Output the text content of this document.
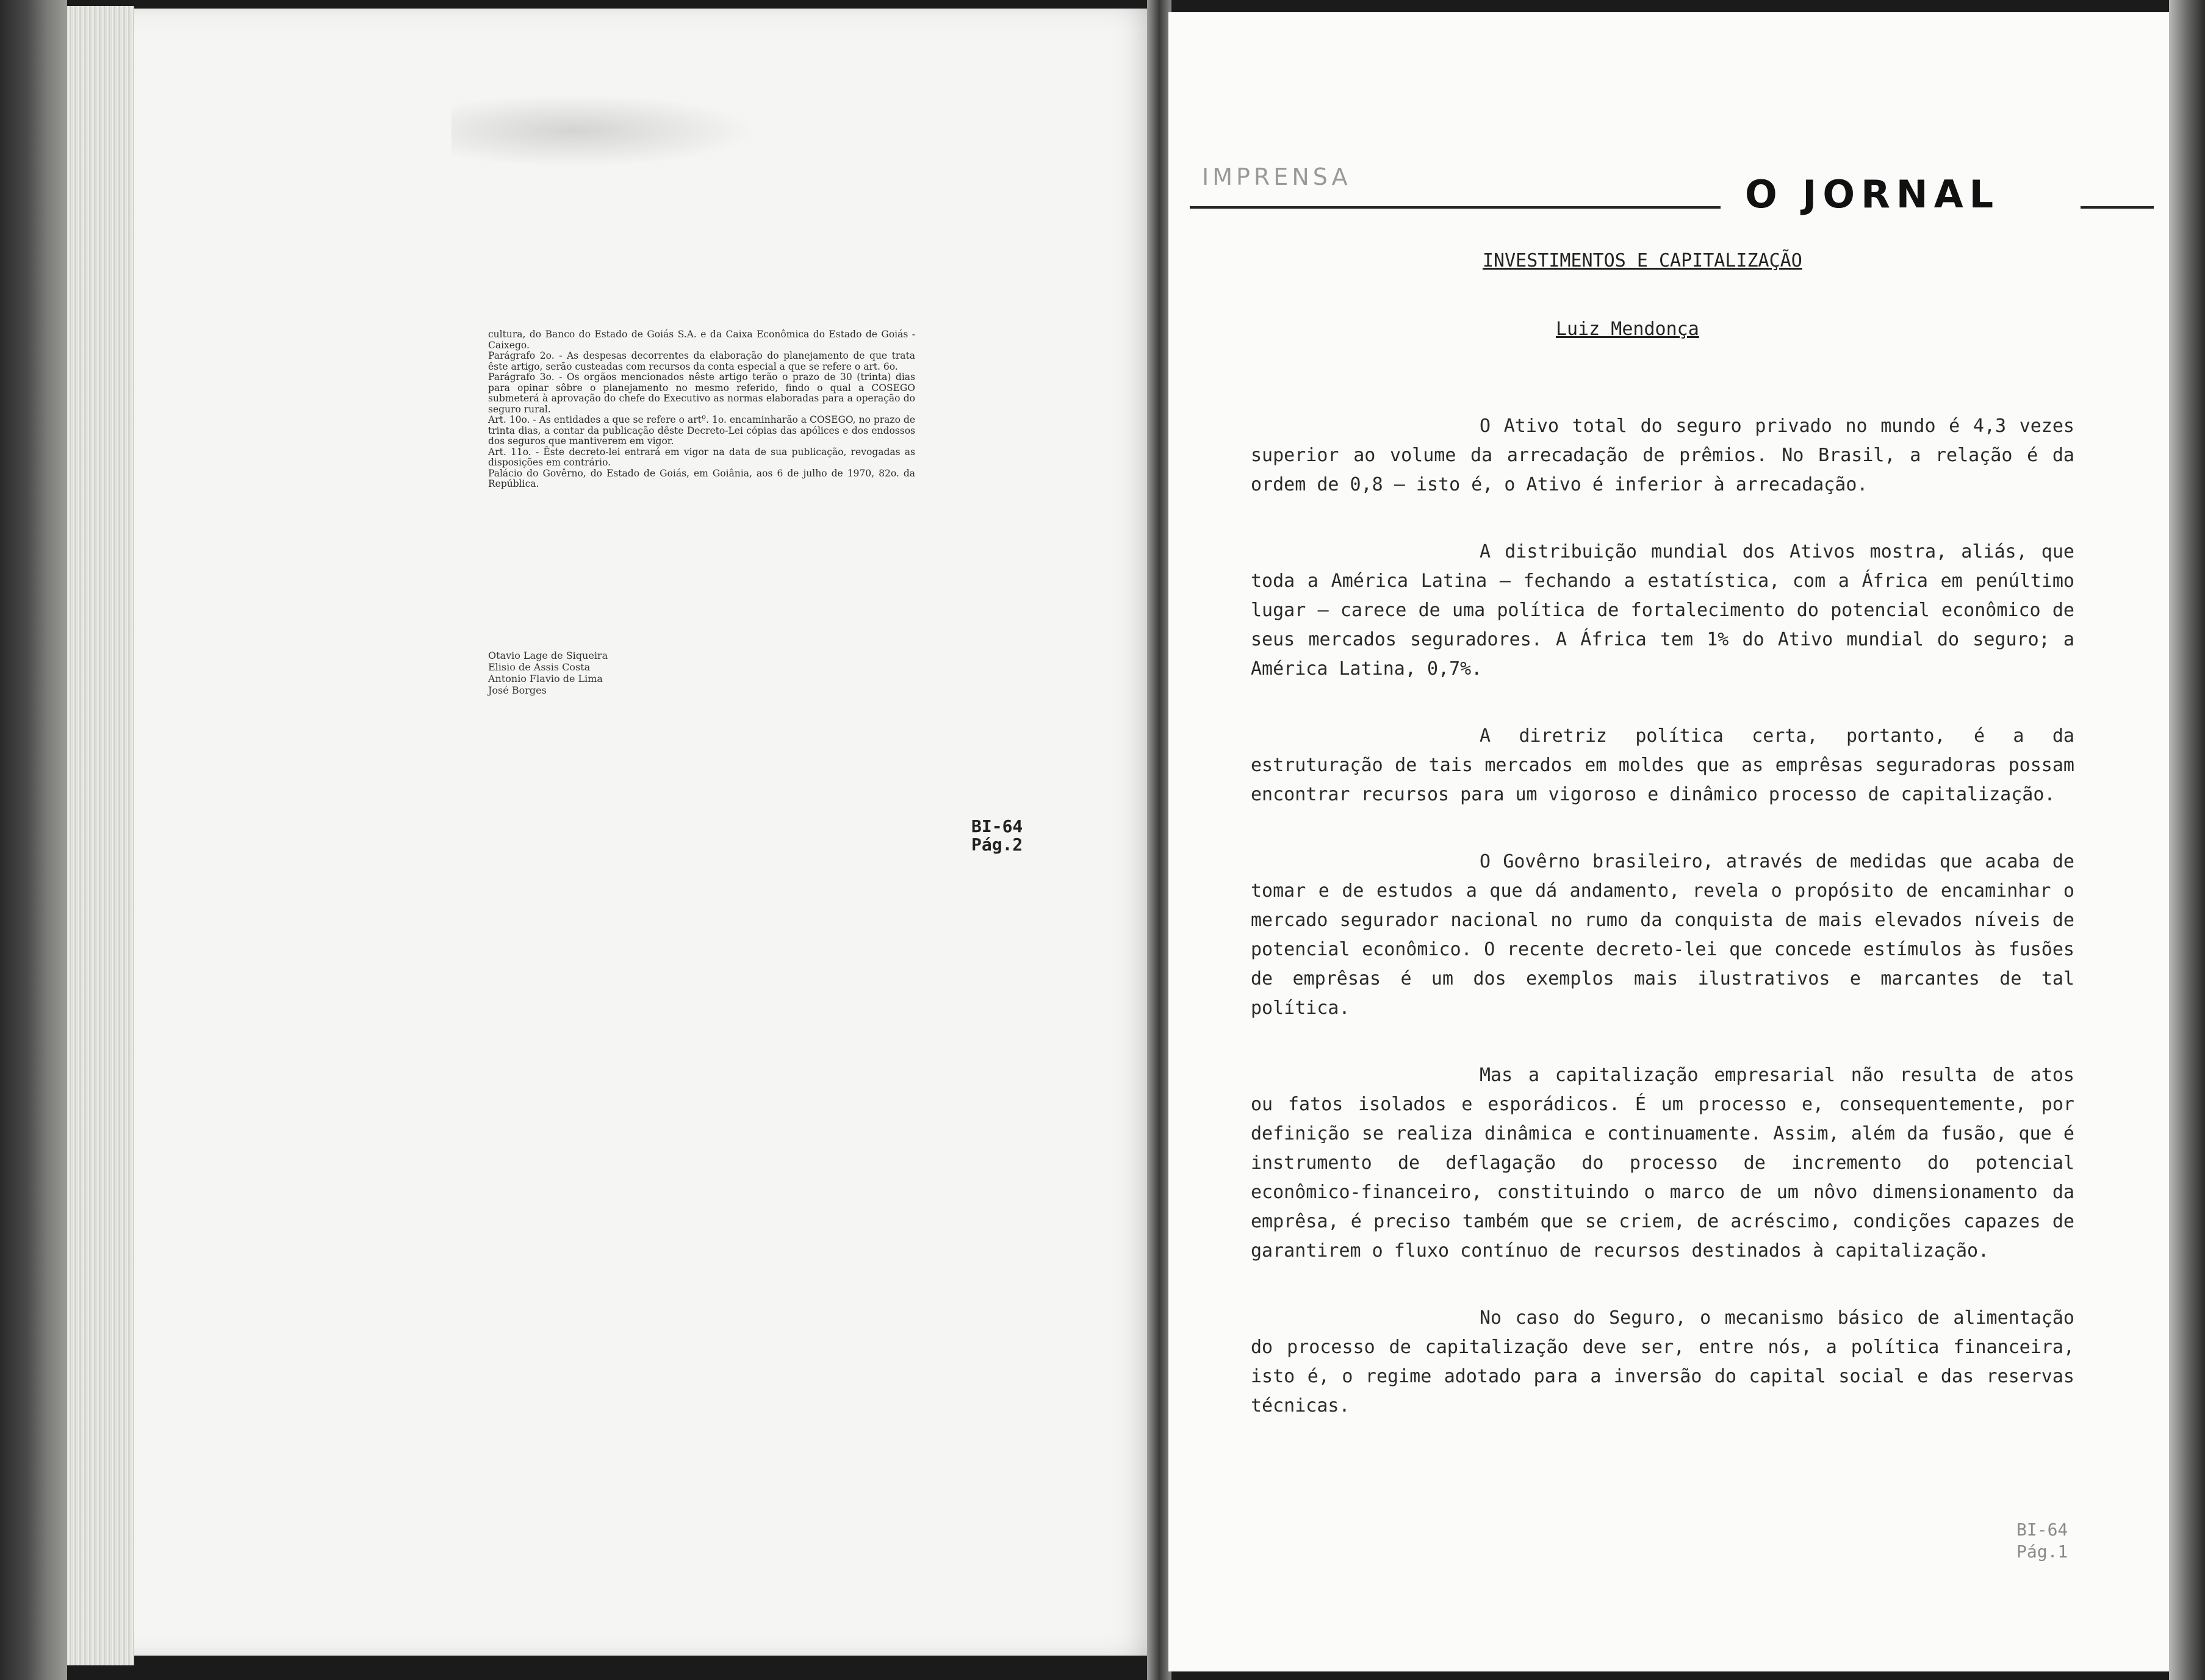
cultura, do Banco do Estado de Goiás S.A. e da Caixa Econômica do Estado de Goiás - Caixego.

Parágrafo 2o. - As despesas decorrentes da elaboração do planejamento de que trata êste artigo, serão custeadas com recursos da conta especial a que se refere o art. 6o.

Parágrafo 3o. - Os orgãos mencionados nêste artigo terão o prazo de 30 (trinta) dias para opinar sôbre o planejamento no mesmo referido, findo o qual a COSEGO submeterá à aprovação do chefe do Executivo as normas elaboradas para a operação do seguro rural.

Art. 10o. - As entidades a que se refere o artº. 1o. encaminharão a COSEGO, no prazo de trinta dias, a contar da publicação dêste Decreto-Lei cópias das apólices e dos endossos dos seguros que mantiverem em vigor.

Art. 11o. - Êste decreto-lei entrará em vigor na data de sua publicação, revogadas as disposições em contrário.

Palácio do Govêrno, do Estado de Goiás, em Goiânia, aos 6 de julho de 1970, 82o. da República.

Otavio Lage de Siqueira
Elisio de Assis Costa
Antonio Flavio de Lima
José Borges
BI-64
Pág.2
IMPRENSA	O JORNAL
INVESTIMENTOS E CAPITALIZAÇÃO
Luiz Mendonça

O Ativo total do seguro privado no mundo é 4,3 vezes superior ao volume da arrecadação de prêmios. No Brasil, a relação é da ordem de 0,8 — isto é, o Ativo é inferior à arrecadação.

A distribuição mundial dos Ativos mostra, aliás, que toda a América Latina — fechando a estatística, com a África em penúltimo lugar — carece de uma política de fortalecimento do potencial econômico de seus mercados seguradores. A África tem 1% do Ativo mundial do seguro; a América Latina, 0,7%.

A diretriz política certa, portanto, é a da estruturação de tais mercados em moldes que as emprêsas seguradoras possam encontrar recursos para um vigoroso e dinâmico processo de capitalização.

O Govêrno brasileiro, através de medidas que acaba de tomar e de estudos a que dá andamento, revela o propósito de encaminhar o mercado segurador nacional no rumo da conquista de mais elevados níveis de potencial econômico. O recente decreto-lei que concede estímulos às fusões de emprêsas é um dos exemplos mais ilustrativos e marcantes de tal política.

Mas a capitalização empresarial não resulta de atos ou fatos isolados e esporádicos. É um processo e, consequentemente, por definição se realiza dinâmica e continuamente. Assim, além da fusão, que é instrumento de deflagação do processo de incremento do potencial econômico-financeiro, constituindo o marco de um nôvo dimensionamento da emprêsa, é preciso também que se criem, de acréscimo, condições capazes de garantirem o fluxo contínuo de recursos destinados à capitalização.

No caso do Seguro, o mecanismo básico de alimentação do processo de capitalização deve ser, entre nós, a política financeira, isto é, o regime adotado para a inversão do capital social e das reservas técnicas.

BI-64
Pág.1
